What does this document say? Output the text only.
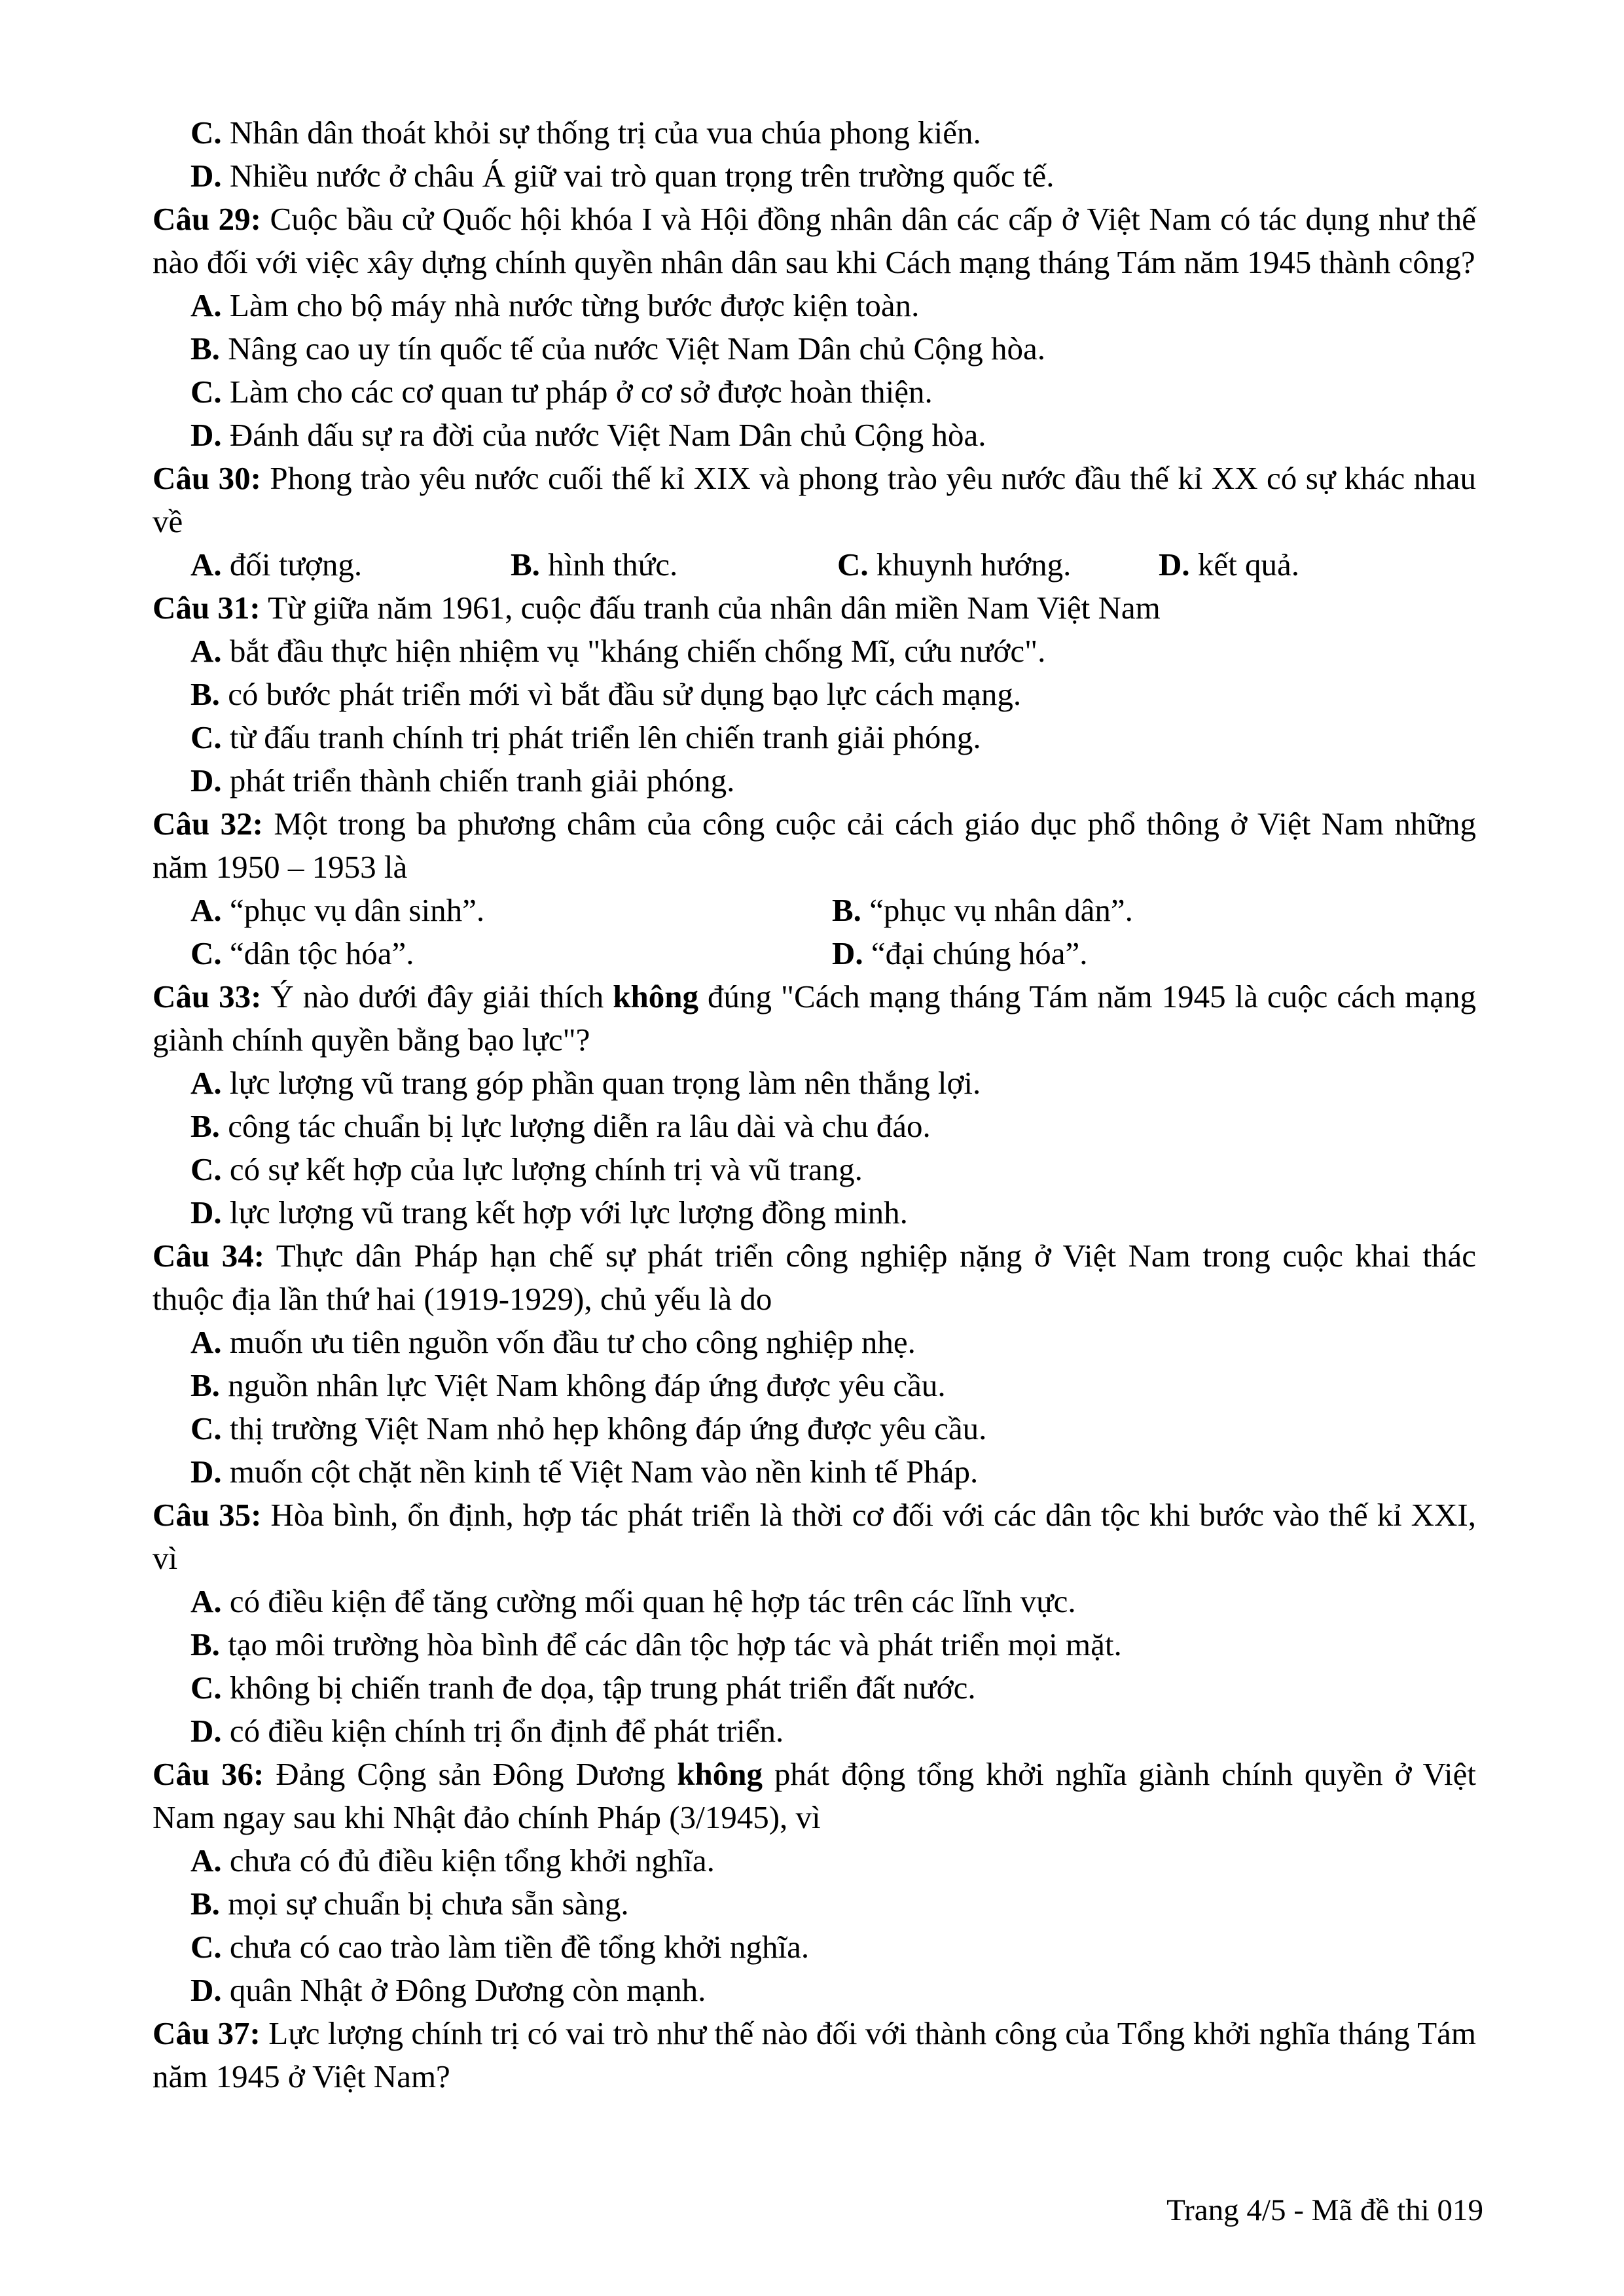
C. Nhân dân thoát khỏi sự thống trị của vua chúa phong kiến.

D. Nhiều nước ở châu Á giữ vai trò quan trọng trên trường quốc tế.

Câu 29: Cuộc bầu cử Quốc hội khóa I và Hội đồng nhân dân các cấp ở Việt Nam có tác dụng như thế nào đối với việc xây dựng chính quyền nhân dân sau khi Cách mạng tháng Tám năm 1945 thành công?

A. Làm cho bộ máy nhà nước từng bước được kiện toàn.

B. Nâng cao uy tín quốc tế của nước Việt Nam Dân chủ Cộng hòa.

C. Làm cho các cơ quan tư pháp ở cơ sở được hoàn thiện.

D. Đánh dấu sự ra đời của nước Việt Nam Dân chủ Cộng hòa.

Câu 30: Phong trào yêu nước cuối thế kỉ XIX và phong trào yêu nước đầu thế kỉ XX có sự khác nhau về

A. đối tượng.	B. hình thức.	C. khuynh hướng.	D. kết quả.

Câu 31: Từ giữa năm 1961, cuộc đấu tranh của nhân dân miền Nam Việt Nam

A. bắt đầu thực hiện nhiệm vụ "kháng chiến chống Mĩ, cứu nước".

B. có bước phát triển mới vì bắt đầu sử dụng bạo lực cách mạng.

C. từ đấu tranh chính trị phát triển lên chiến tranh giải phóng.

D. phát triển thành chiến tranh giải phóng.

Câu 32: Một trong ba phương châm của công cuộc cải cách giáo dục phổ thông ở Việt Nam những năm 1950 – 1953 là

A. “phục vụ dân sinh”.	B. “phục vụ nhân dân”.
C. “dân tộc hóa”.	D. “đại chúng hóa”.

Câu 33: Ý nào dưới đây giải thích không đúng "Cách mạng tháng Tám năm 1945 là cuộc cách mạng giành chính quyền bằng bạo lực"?

A. lực lượng vũ trang góp phần quan trọng làm nên thắng lợi.

B. công tác chuẩn bị lực lượng diễn ra lâu dài và chu đáo.

C. có sự kết hợp của lực lượng chính trị và vũ trang.

D. lực lượng vũ trang kết hợp với lực lượng đồng minh.

Câu 34: Thực dân Pháp hạn chế sự phát triển công nghiệp nặng ở Việt Nam trong cuộc khai thác thuộc địa lần thứ hai (1919-1929), chủ yếu là do

A. muốn ưu tiên nguồn vốn đầu tư cho công nghiệp nhẹ.

B. nguồn nhân lực Việt Nam không đáp ứng được yêu cầu.

C. thị trường Việt Nam nhỏ hẹp không đáp ứng được yêu cầu.

D. muốn cột chặt nền kinh tế Việt Nam vào nền kinh tế Pháp.

Câu 35: Hòa bình, ổn định, hợp tác phát triển là thời cơ đối với các dân tộc khi bước vào thế kỉ XXI, vì

A. có điều kiện để tăng cường mối quan hệ hợp tác trên các lĩnh vực.

B. tạo môi trường hòa bình để các dân tộc hợp tác và phát triển mọi mặt.

C. không bị chiến tranh đe dọa, tập trung phát triển đất nước.

D. có điều kiện chính trị ổn định để phát triển.

Câu 36: Đảng Cộng sản Đông Dương không phát động tổng khởi nghĩa giành chính quyền ở Việt Nam ngay sau khi Nhật đảo chính Pháp (3/1945), vì

A. chưa có đủ điều kiện tổng khởi nghĩa.

B. mọi sự chuẩn bị chưa sẵn sàng.

C. chưa có cao trào làm tiền đề tổng khởi nghĩa.

D. quân Nhật ở Đông Dương còn mạnh.

Câu 37: Lực lượng chính trị có vai trò như thế nào đối với thành công của Tổng khởi nghĩa tháng Tám năm 1945 ở Việt Nam?

Trang 4/5 - Mã đề thi 019
